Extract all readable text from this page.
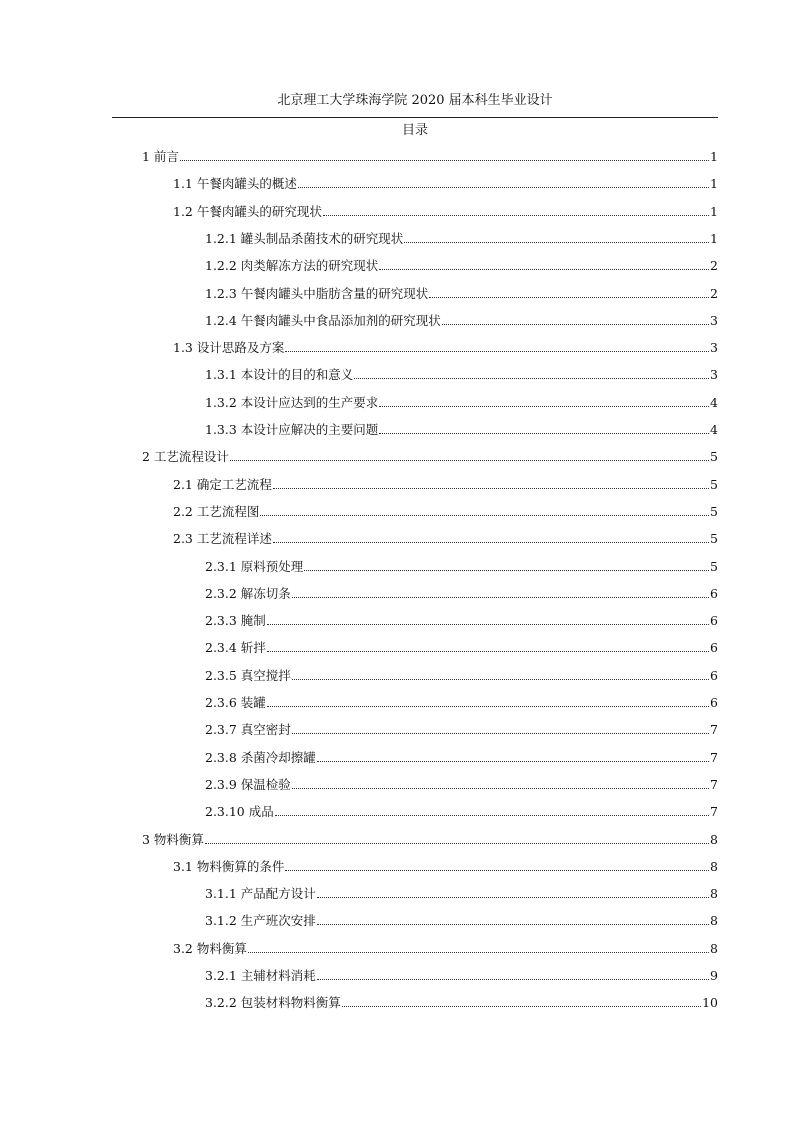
北京理工大学珠海学院 2020 届本科生毕业设计
目录
1 前言	1
1.1 午餐肉罐头的概述	1
1.2 午餐肉罐头的研究现状	1
1.2.1 罐头制品杀菌技术的研究现状	1
1.2.2 肉类解冻方法的研究现状	2
1.2.3 午餐肉罐头中脂肪含量的研究现状	2
1.2.4 午餐肉罐头中食品添加剂的研究现状	3
1.3 设计思路及方案	3
1.3.1 本设计的目的和意义	3
1.3.2 本设计应达到的生产要求	4
1.3.3 本设计应解决的主要问题	4
2 工艺流程设计	5
2.1 确定工艺流程	5
2.2 工艺流程图	5
2.3 工艺流程详述	5
2.3.1 原料预处理	5
2.3.2 解冻切条	6
2.3.3 腌制	6
2.3.4 斩拌	6
2.3.5 真空搅拌	6
2.3.6 装罐	6
2.3.7 真空密封	7
2.3.8 杀菌冷却擦罐	7
2.3.9 保温检验	7
2.3.10 成品	7
3 物料衡算	8
3.1 物料衡算的条件	8
3.1.1 产品配方设计	8
3.1.2 生产班次安排	8
3.2 物料衡算	8
3.2.1 主辅材料消耗	9
3.2.2 包装材料物料衡算	10
